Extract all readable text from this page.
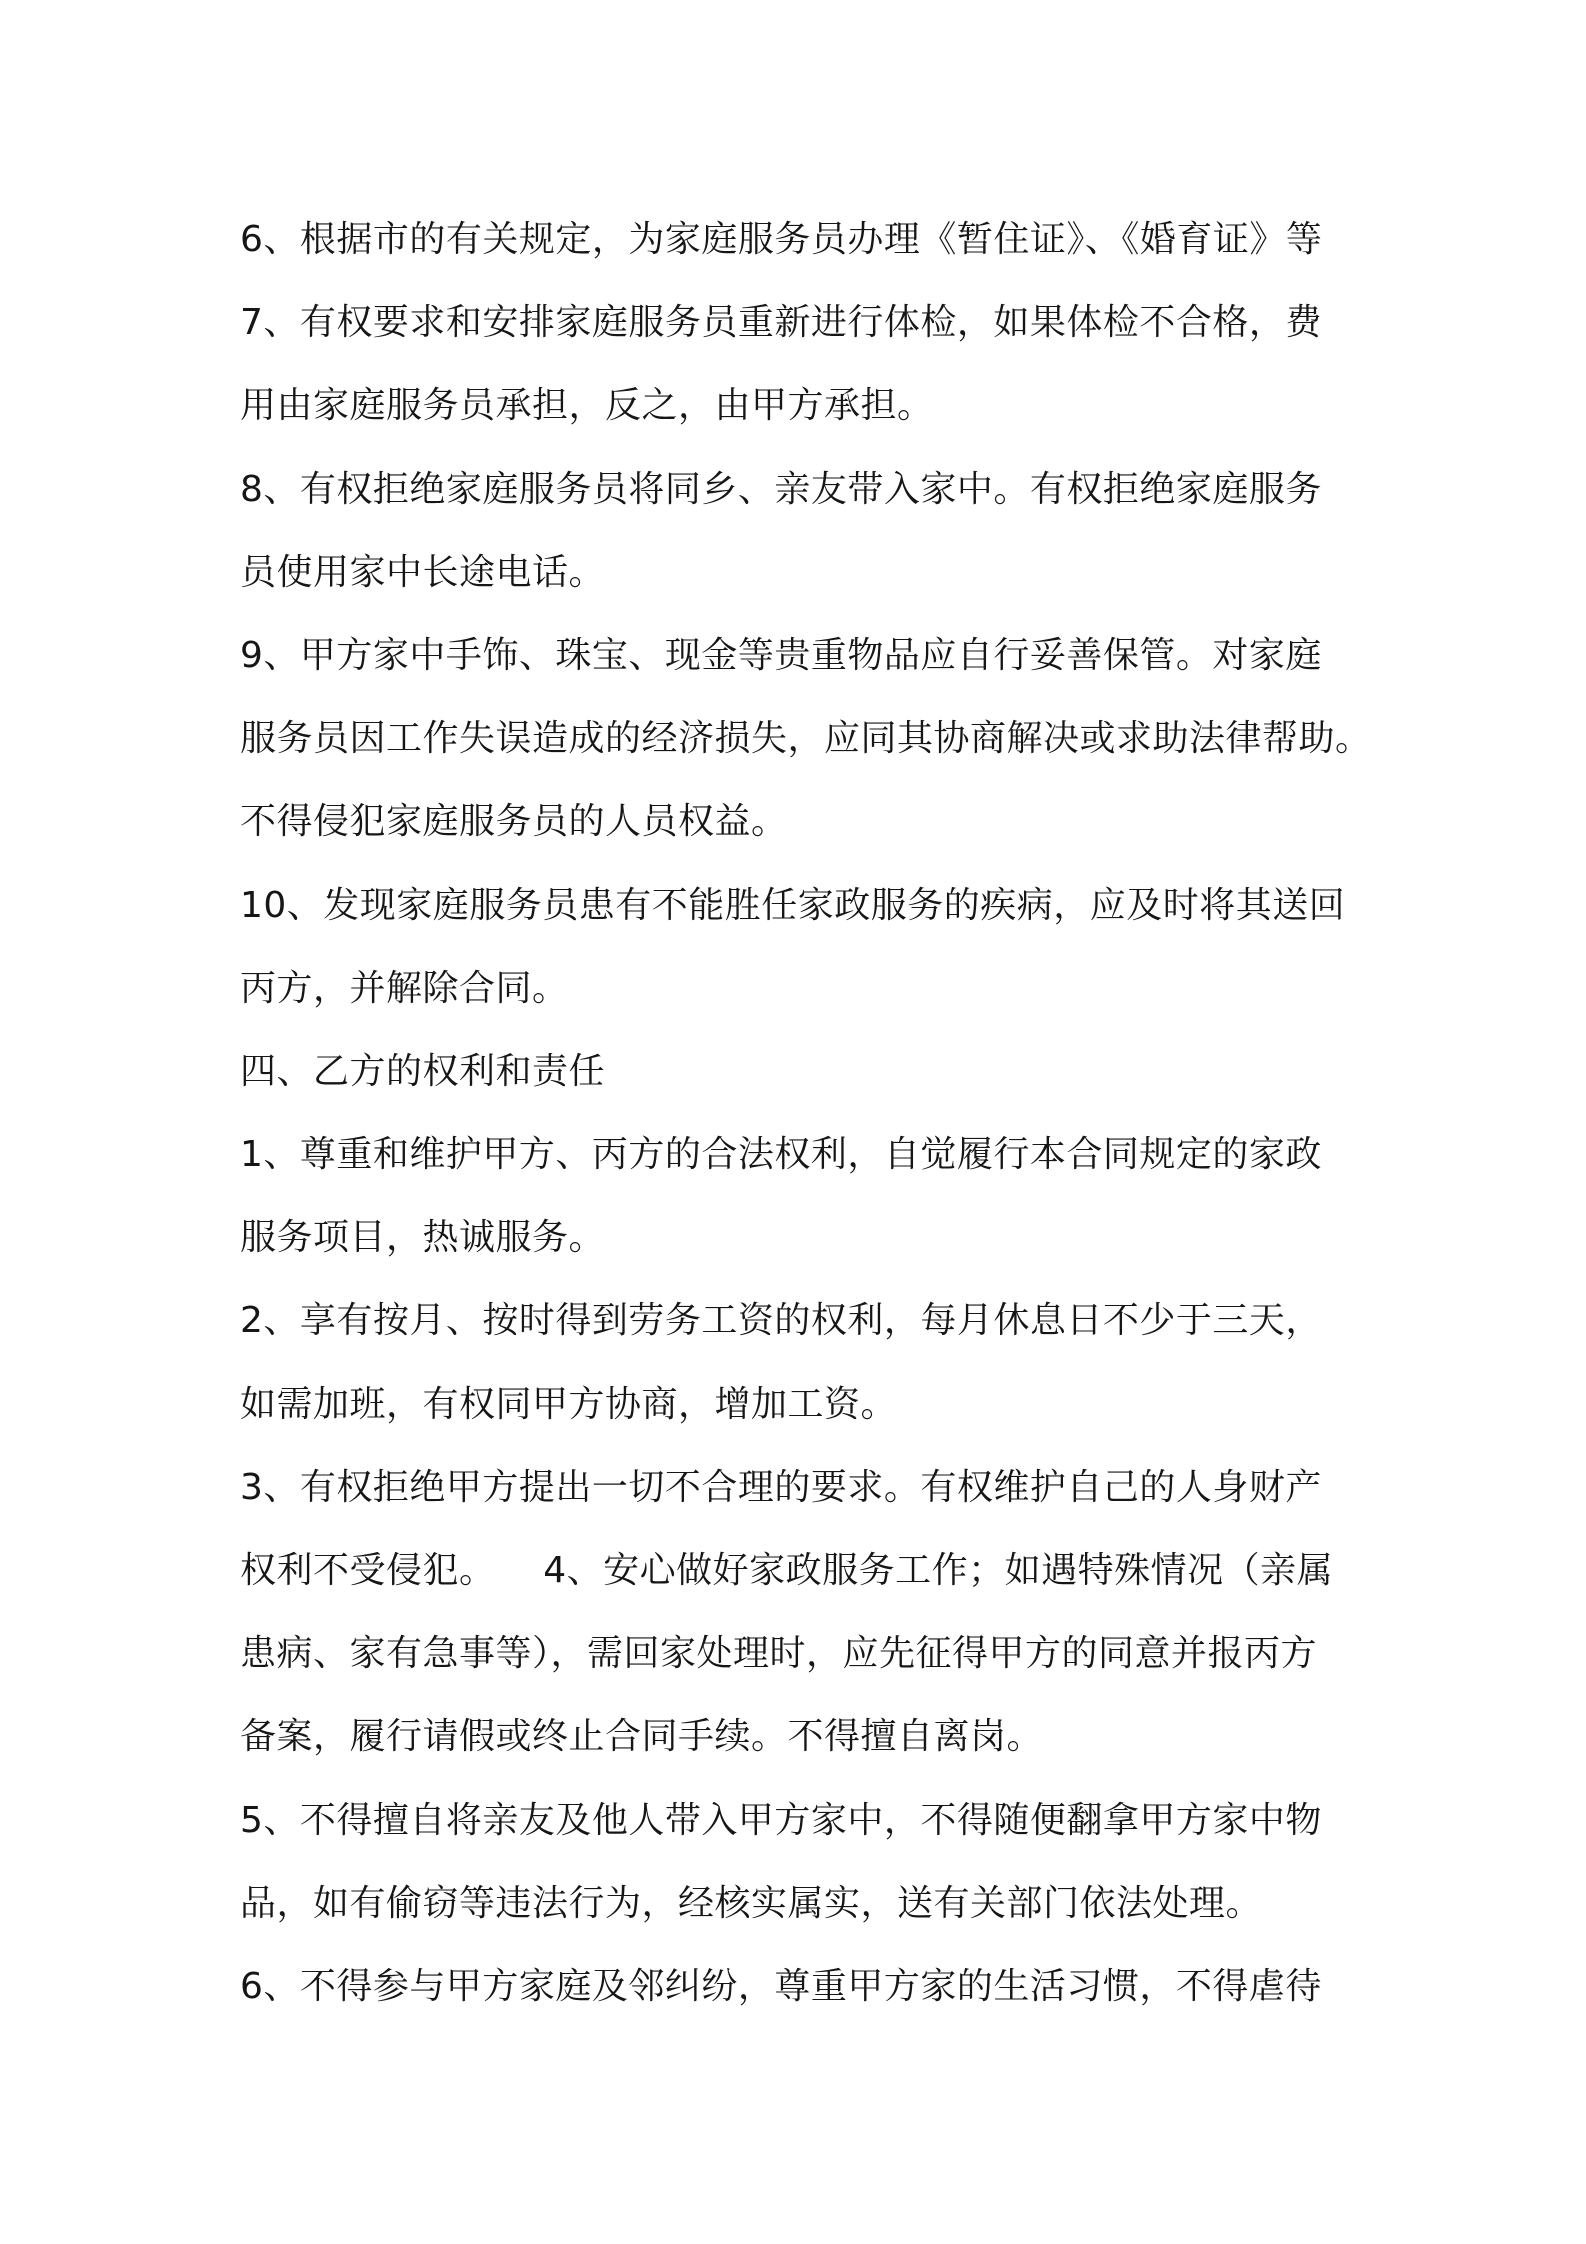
6、根据市的有关规定，为家庭服务员办理《暂住证》、《婚育证》等
7、有权要求和安排家庭服务员重新进行体检，如果体检不合格，费
用由家庭服务员承担，反之，由甲方承担。
8、有权拒绝家庭服务员将同乡、亲友带入家中。有权拒绝家庭服务
员使用家中长途电话。
9、甲方家中手饰、珠宝、现金等贵重物品应自行妥善保管。对家庭
服务员因工作失误造成的经济损失，应同其协商解决或求助法律帮助。
不得侵犯家庭服务员的人员权益。
10、发现家庭服务员患有不能胜任家政服务的疾病，应及时将其送回
丙方，并解除合同。
四、乙方的权利和责任
1、尊重和维护甲方、丙方的合法权利，自觉履行本合同规定的家政
服务项目，热诚服务。
2、享有按月、按时得到劳务工资的权利，每月休息日不少于三天，
如需加班，有权同甲方协商，增加工资。
3、有权拒绝甲方提出一切不合理的要求。有权维护自己的人身财产
权利不受侵犯。    4、安心做好家政服务工作；如遇特殊情况（亲属
患病、家有急事等），需回家处理时，应先征得甲方的同意并报丙方
备案，履行请假或终止合同手续。不得擅自离岗。
5、不得擅自将亲友及他人带入甲方家中，不得随便翻拿甲方家中物
品，如有偷窃等违法行为，经核实属实，送有关部门依法处理。
6、不得参与甲方家庭及邻纠纷，尊重甲方家的生活习惯，不得虐待
